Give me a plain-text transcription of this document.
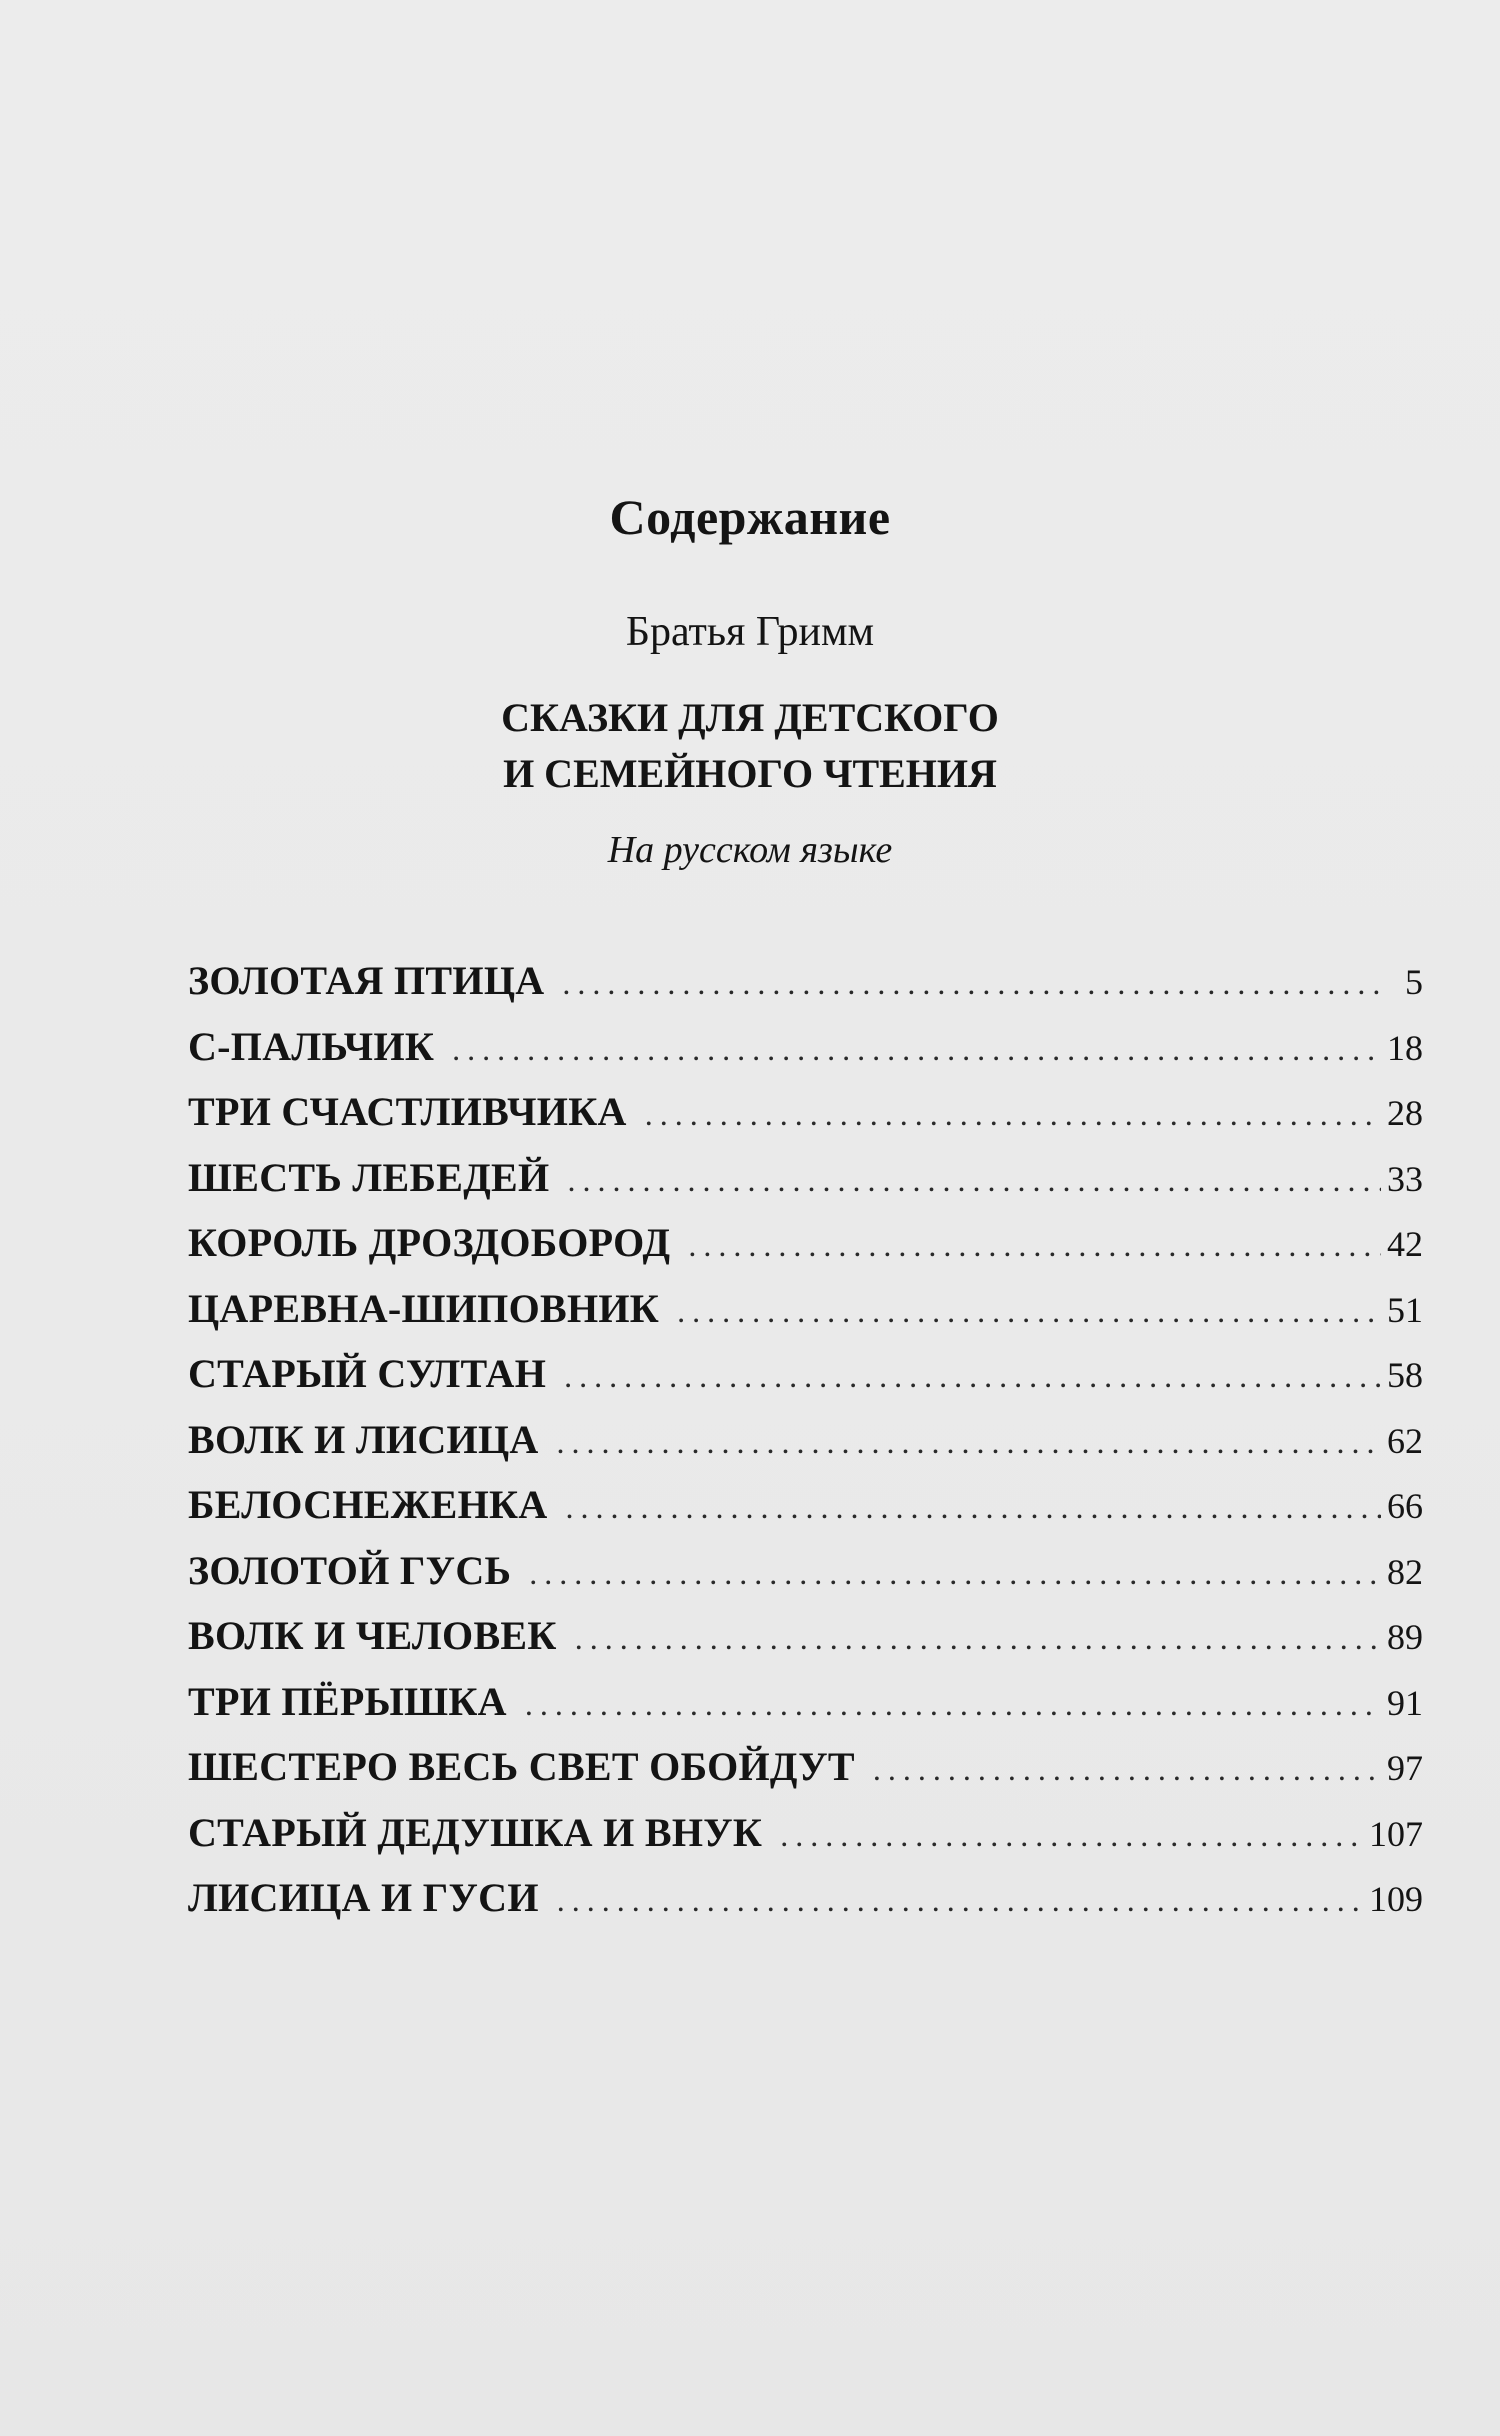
Содержание
Братья Гримм
СКАЗКИ ДЛЯ ДЕТСКОГО
И СЕМЕЙНОГО ЧТЕНИЯ
На русском языке
ЗОЛОТАЯ ПТИЦА . . .	5
С-ПАЛЬЧИК . . .	18
ТРИ СЧАСТЛИВЧИКА . . .	28
ШЕСТЬ ЛЕБЕДЕЙ . . .	33
КОРОЛЬ ДРОЗДОБОРОД . . .	42
ЦАРЕВНА-ШИПОВНИК . . .	51
СТАРЫЙ СУЛТАН . . .	58
ВОЛК И ЛИСИЦА . . .	62
БЕЛОСНЕЖЕНКА . . .	66
ЗОЛОТОЙ ГУСЬ . . .	82
ВОЛК И ЧЕЛОВЕК . . .	89
ТРИ ПЁРЫШКА . . .	91
ШЕСТЕРО ВЕСЬ СВЕТ ОБОЙДУТ . . .	97
СТАРЫЙ ДЕДУШКА И ВНУК . . .	107
ЛИСИЦА И ГУСИ . . .	109
